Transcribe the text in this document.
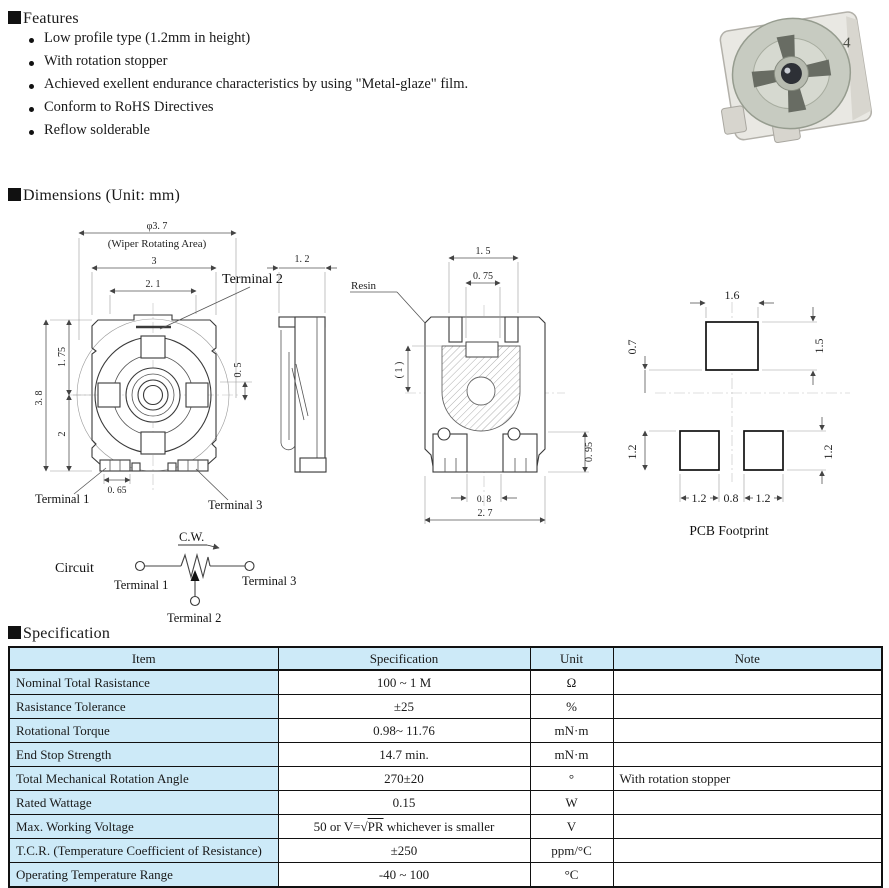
Features
Low profile type (1.2mm in height)
With rotation stopper
Achieved exellent endurance characteristics by using "Metal-glaze" film.
Conform to RoHS Directives
Reflow solderable
4
Dimensions (Unit: mm)
φ3. 7
(Wiper Rotating Area)
3
2. 1
3. 8
1. 75
2
0. 5
0. 65
Terminal 1	Terminal 3
Terminal 2
1. 2
Resin
1. 5
0. 75
( 1 )
0. 95
0. 8
2. 7
1.6
1.5
0.7
1.2	1.2
1.2 0.8 1.2
PCB Footprint
Circuit
C.W.
Terminal 1	Terminal 3
Terminal 2
Specification
Item	Specification	Unit	Note
Nominal Total Rasistance	100 ~ 1 M	Ω	
Rasistance Tolerance	±25	%	
Rotational Torque	0.98~ 11.76	mN·m	
End Stop Strength	14.7 min.	mN·m	
Total Mechanical Rotation Angle	270±20	°	With rotation stopper
Rated Wattage	0.15	W	
Max. Working Voltage	50 or V=√PR whichever is smaller	V	
T.C.R. (Temperature Coefficient of Resistance)	±250	ppm/°C	
Operating Temperature Range	-40 ~ 100	°C	
